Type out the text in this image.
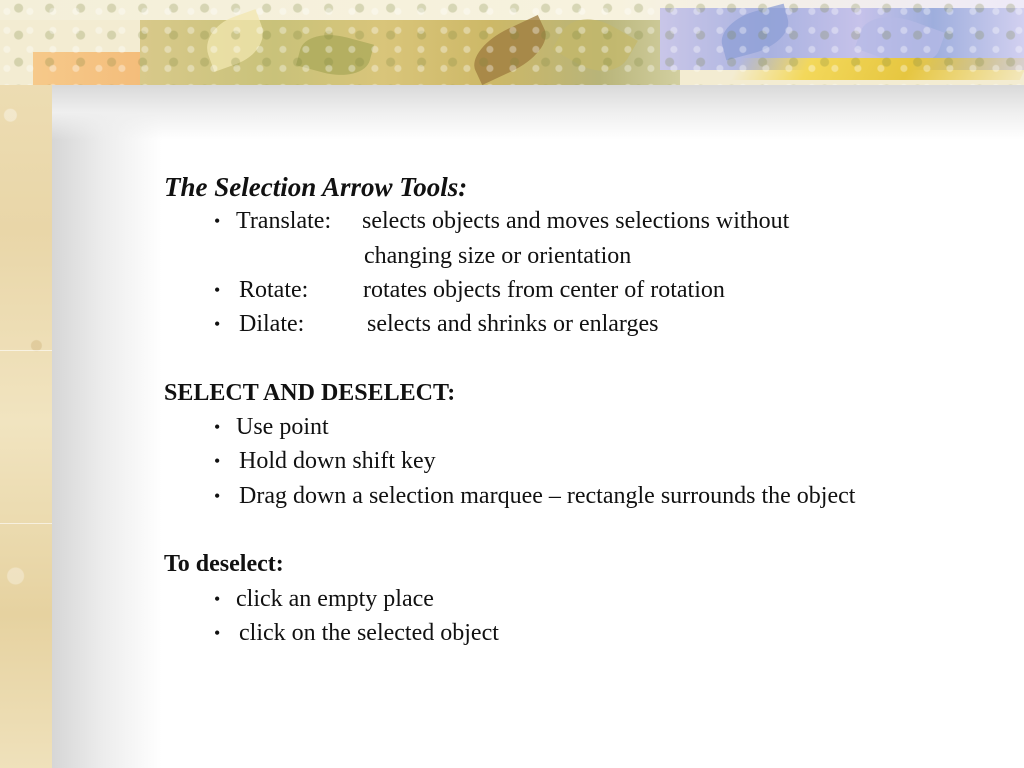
The Selection Arrow Tools:
• Translate: selects objects and moves selections without
changing size or orientation
• Rotate: rotates objects from center of rotation
• Dilate:	selects and shrinks or enlarges
SELECT AND DESELECT:
• Use point
• Hold down shift key
• Drag down a selection marquee – rectangle surrounds the object
To deselect:
• click an empty place
• click on the selected object
